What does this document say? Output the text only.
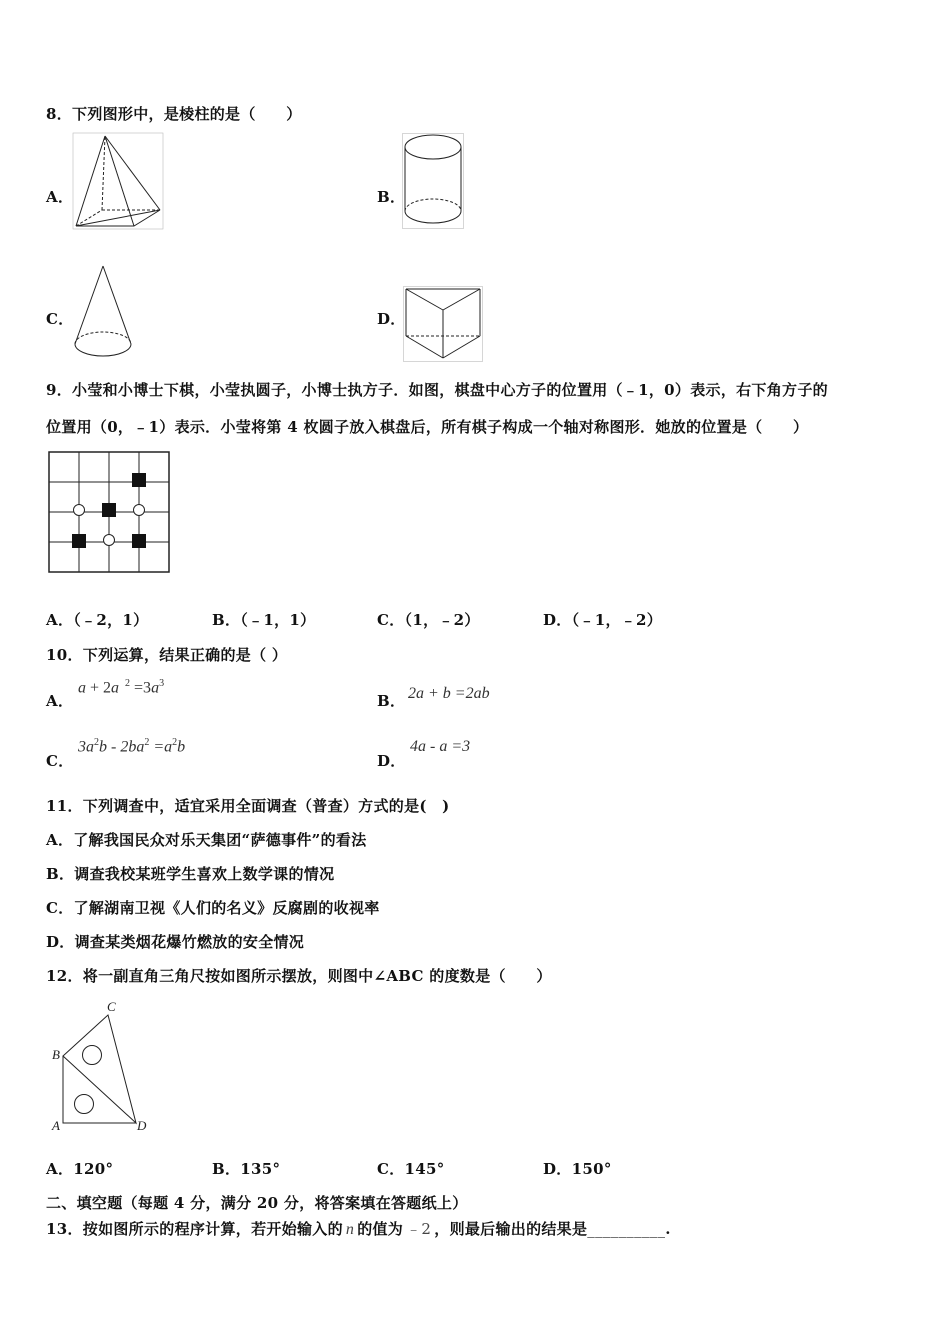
8．下列图形中，是棱柱的是（　　）
A．	B．
C．	D．
9．小莹和小博士下棋，小莹执圆子，小博士执方子．如图，棋盘中心方子的位置用（﹣1，0）表示，右下角方子的
位置用（0，﹣1）表示．小莹将第 4 枚圆子放入棋盘后，所有棋子构成一个轴对称图形．她放的位置是（　　）
A．（﹣2，1）	B．（﹣1，1）	C．（1，﹣2）	D．（﹣1，﹣2）
10．下列运算，结果正确的是（ ）
A．
a + 2a $^2 =3a^3$
B． 2a + b =2ab
C．
$3a^2b - 2ba^2 =a^2b$
D．
4a - a =3
11．下列调查中，适宜采用全面调查（普查）方式的是(　)
A．了解我国民众对乐天集团“萨德事件”的看法
B．调查我校某班学生喜欢上数学课的情况
C．了解湖南卫视《人们的名义》反腐剧的收视率
D．调查某类烟花爆竹燃放的安全情况
12．将一副直角三角尺按如图所示摆放，则图中∠ABC 的度数是（　　）
C
B
A	D
A．120°	B．135°	C．145°	D．150°
二、填空题（每题 4 分，满分 20 分，将答案填在答题纸上）
13．按如图所示的程序计算，若开始输入的 n 的值为 ﹣2 ，则最后输出的结果是__________.
